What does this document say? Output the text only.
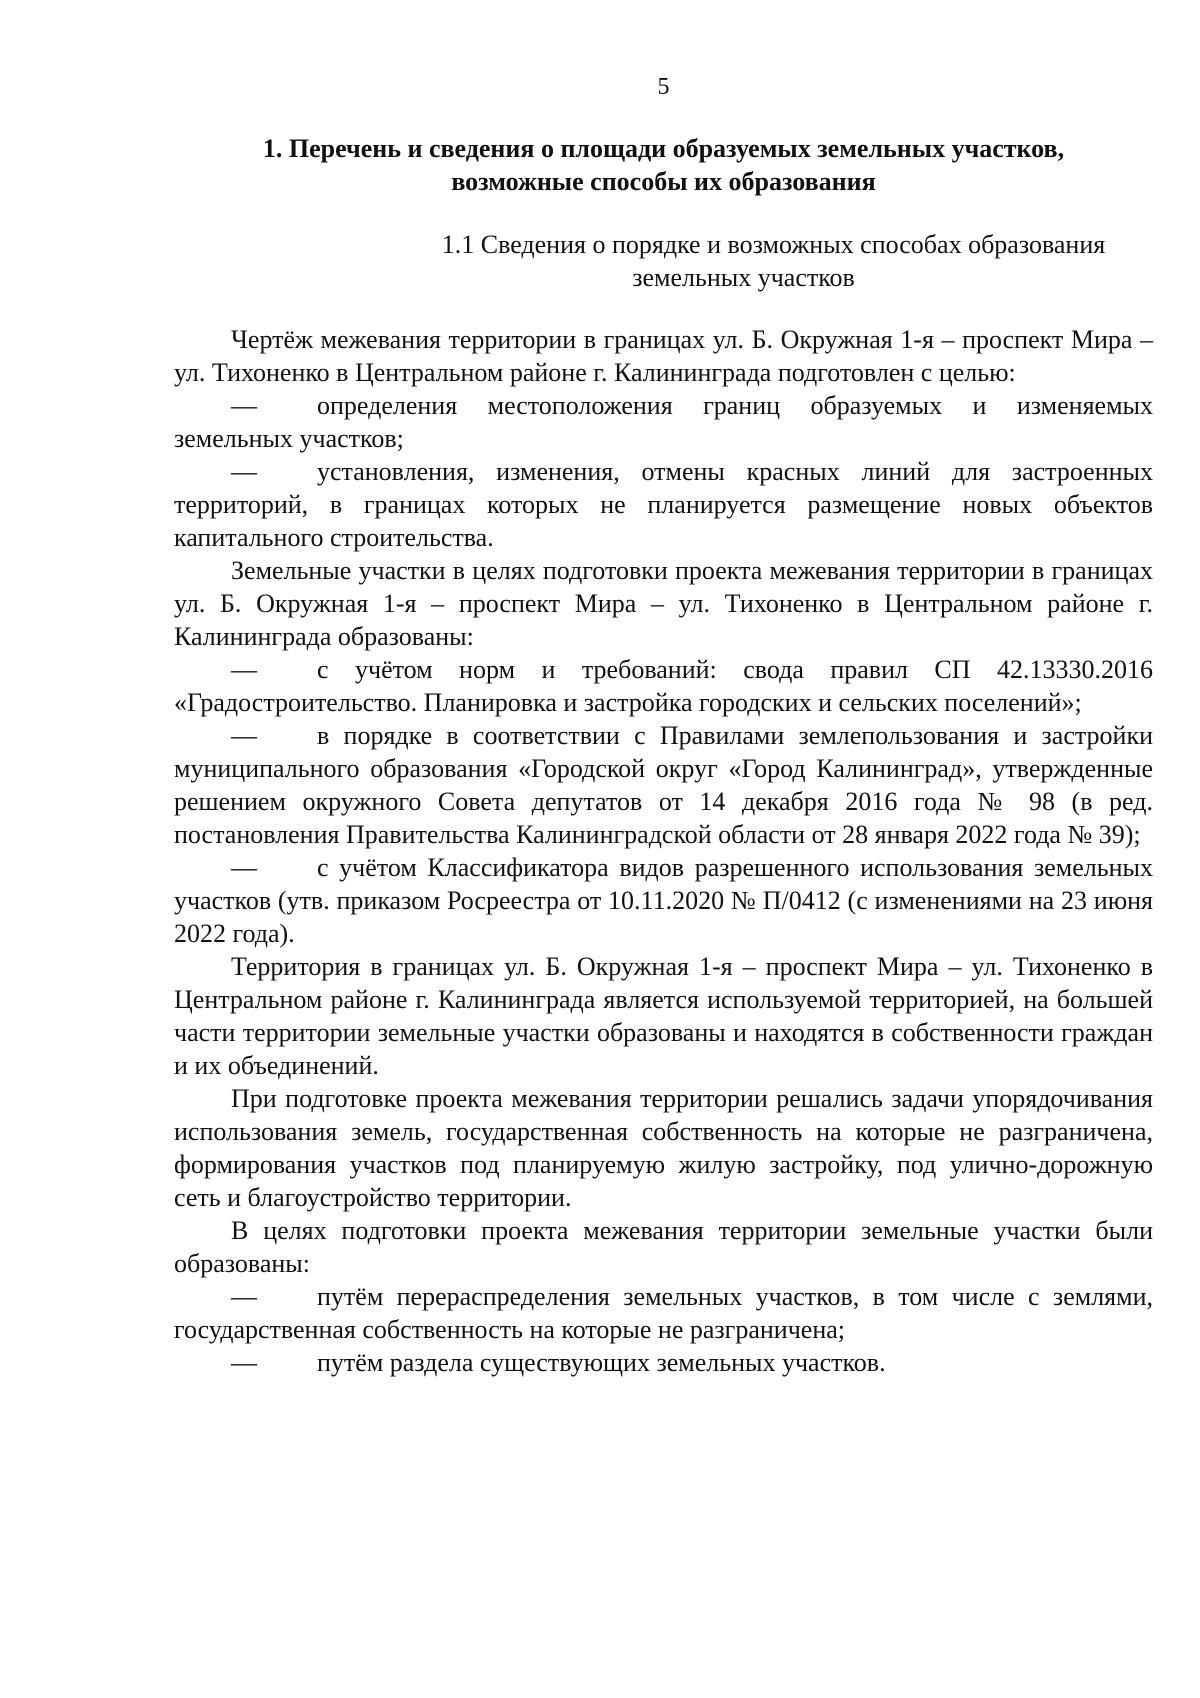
5
1. Перечень и сведения о площади образуемых земельных участков,
возможные способы их образования
1.1 Сведения о порядке и возможных способах образования
земельных участков

Чертёж межевания территории в границах ул. Б. Окружная 1-я – проспект Мира – ул. Тихоненко в Центральном районе г. Калининграда подготовлен с целью:

— определения местоположения границ образуемых и изменяемых земельных участков;

— установления, изменения, отмены красных линий для застроенных территорий, в границах которых не планируется размещение новых объектов капитального строительства.

Земельные участки в целях подготовки проекта межевания территории в границах ул. Б. Окружная 1-я – проспект Мира – ул. Тихоненко в Центральном районе г. Калининграда образованы:

— с учётом норм и требований: свода правил СП 42.13330.2016 «Градостроительство. Планировка и застройка городских и сельских поселений»;

— в порядке в соответствии с Правилами землепользования и застройки муниципального образования «Городской округ «Город Калининград», утвержденные решением окружного Совета депутатов от 14 декабря 2016 года № 98 (в ред. постановления Правительства Калининградской области от 28 января 2022 года № 39);

— с учётом Классификатора видов разрешенного использования земельных участков (утв. приказом Росреестра от 10.11.2020 № П/0412 (с изменениями на 23 июня 2022 года).

Территория в границах ул. Б. Окружная 1-я – проспект Мира – ул. Тихоненко в Центральном районе г. Калининграда является используемой территорией, на большей части территории земельные участки образованы и находятся в собственности граждан и их объединений.

При подготовке проекта межевания территории решались задачи упорядочивания использования земель, государственная собственность на которые не разграничена, формирования участков под планируемую жилую застройку, под улично-дорожную сеть и благоустройство территории.

В целях подготовки проекта межевания территории земельные участки были образованы:

— путём перераспределения земельных участков, в том числе с землями, государственная собственность на которые не разграничена;

— путём раздела существующих земельных участков.
